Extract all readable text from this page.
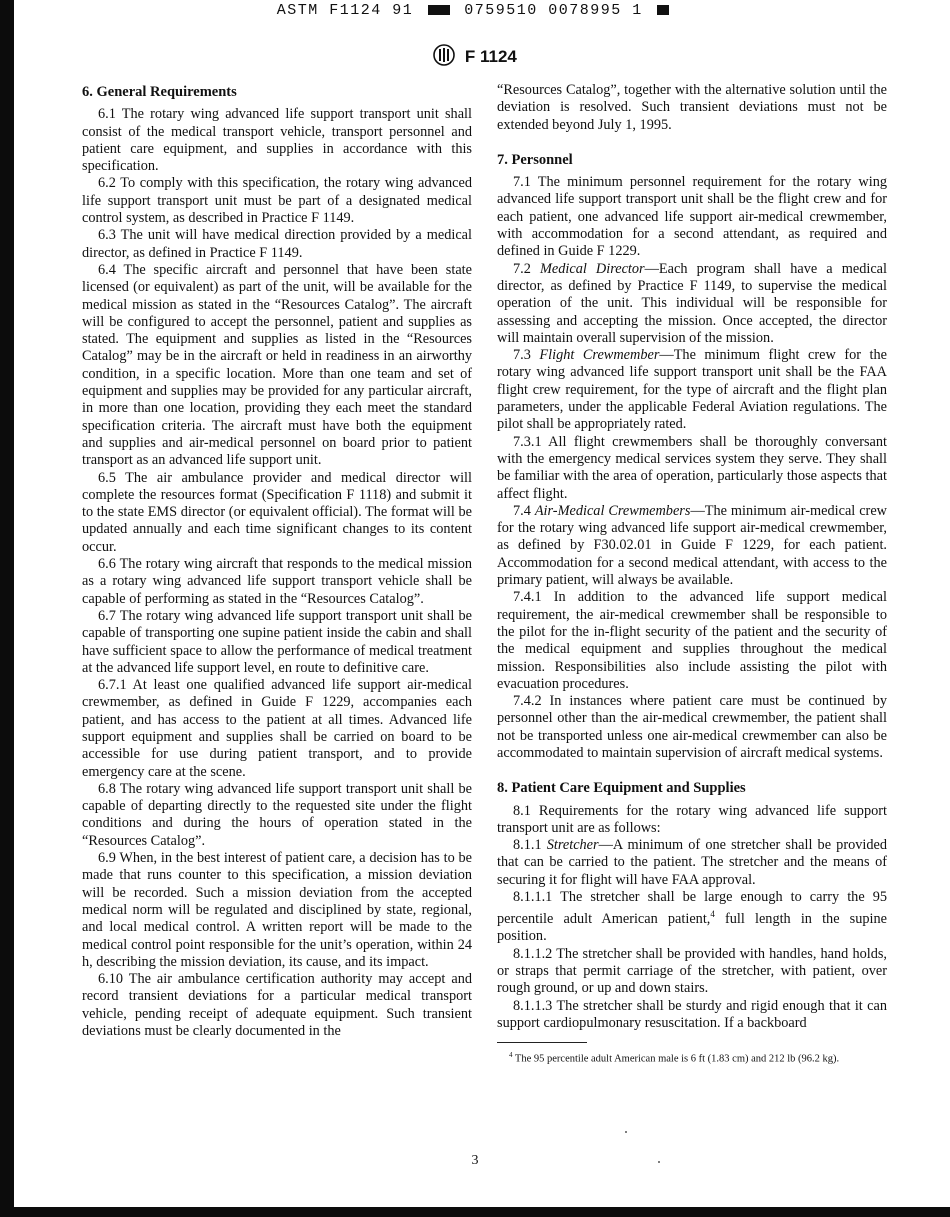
ASTM F1124 91	0759510 0078995 1
F 1124
6. General Requirements

6.1 The rotary wing advanced life support transport unit shall consist of the medical transport vehicle, transport personnel and patient care equipment, and supplies in accordance with this specification.

6.2 To comply with this specification, the rotary wing advanced life support transport unit must be part of a designated medical control system, as described in Practice F 1149.

6.3 The unit will have medical direction provided by a medical director, as defined in Practice F 1149.

6.4 The specific aircraft and personnel that have been state licensed (or equivalent) as part of the unit, will be available for the medical mission as stated in the “Resources Catalog”. The aircraft will be configured to accept the personnel, patient and supplies as stated. The equipment and supplies as listed in the “Resources Catalog” may be in the aircraft or held in readiness in an airworthy condition, in a specific location. More than one team and set of equipment and supplies may be provided for any particular aircraft, in more than one location, providing they each meet the standard specification criteria. The aircraft must have both the equipment and supplies and air-medical personnel on board prior to patient transport as an advanced life support unit.

6.5 The air ambulance provider and medical director will complete the resources format (Specification F 1118) and submit it to the state EMS director (or equivalent official). The format will be updated annually and each time significant changes to its content occur.

6.6 The rotary wing aircraft that responds to the medical mission as a rotary wing advanced life support transport vehicle shall be capable of performing as stated in the “Resources Catalog”.

6.7 The rotary wing advanced life support transport unit shall be capable of transporting one supine patient inside the cabin and shall have sufficient space to allow the performance of medical treatment at the advanced life support level, en route to definitive care.

6.7.1 At least one qualified advanced life support air-medical crewmember, as defined in Guide F 1229, accompanies each patient, and has access to the patient at all times. Advanced life support equipment and supplies shall be carried on board to be accessible for use during patient transport, and to provide emergency care at the scene.

6.8 The rotary wing advanced life support transport unit shall be capable of departing directly to the requested site under the flight conditions and during the hours of operation stated in the “Resources Catalog”.

6.9 When, in the best interest of patient care, a decision has to be made that runs counter to this specification, a mission deviation will be recorded. Such a mission deviation from the accepted medical norm will be regulated and disciplined by state, regional, and local medical control. A written report will be made to the medical control point responsible for the unit’s operation, within 24 h, describing the mission deviation, its cause, and its impact.

6.10 The air ambulance certification authority may accept and record transient deviations for a particular medical transport vehicle, pending receipt of adequate equipment. Such transient deviations must be clearly documented in the

“Resources Catalog”, together with the alternative solution until the deviation is resolved. Such transient deviations must not be extended beyond July 1, 1995.

7. Personnel

7.1 The minimum personnel requirement for the rotary wing advanced life support transport unit shall be the flight crew and for each patient, one advanced life support air-medical crewmember, with accommodation for a second attendant, as required and defined in Guide F 1229.

7.2 Medical Director—Each program shall have a medical director, as defined by Practice F 1149, to supervise the medical operation of the unit. This individual will be responsible for assessing and accepting the mission. Once accepted, the director will maintain overall supervision of the mission.

7.3 Flight Crewmember—The minimum flight crew for the rotary wing advanced life support transport unit shall be the FAA flight crew requirement, for the type of aircraft and the flight plan parameters, under the applicable Federal Aviation regulations. The pilot shall be appropriately rated.

7.3.1 All flight crewmembers shall be thoroughly conversant with the emergency medical services system they serve. They shall be familiar with the area of operation, particularly those aspects that affect flight.

7.4 Air-Medical Crewmembers—The minimum air-medical crew for the rotary wing advanced life support air-medical crewmember, as defined by F30.02.01 in Guide F 1229, for each patient. Accommodation for a second medical attendant, with access to the primary patient, will always be available.

7.4.1 In addition to the advanced life support medical requirement, the air-medical crewmember shall be responsible to the pilot for the in-flight security of the patient and the security of the medical equipment and supplies throughout the medical mission. Responsibilities also include assisting the pilot with evacuation procedures.

7.4.2 In instances where patient care must be continued by personnel other than the air-medical crewmember, the patient shall not be transported unless one air-medical crewmember can also be accommodated to maintain supervision of aircraft medical systems.

8. Patient Care Equipment and Supplies

8.1 Requirements for the rotary wing advanced life support transport unit are as follows:

8.1.1 Stretcher—A minimum of one stretcher shall be provided that can be carried to the patient. The stretcher and the means of securing it for flight will have FAA approval.

8.1.1.1 The stretcher shall be large enough to carry the 95 percentile adult American patient,$^4$ full length in the supine position.

8.1.1.2 The stretcher shall be provided with handles, hand holds, or straps that permit carriage of the stretcher, with patient, over rough ground, or up and down stairs.

8.1.1.3 The stretcher shall be sturdy and rigid enough that it can support cardiopulmonary resuscitation. If a backboard

$^4$ The 95 percentile adult American male is 6 ft (1.83 cm) and 212 lb (96.2 kg).

3
